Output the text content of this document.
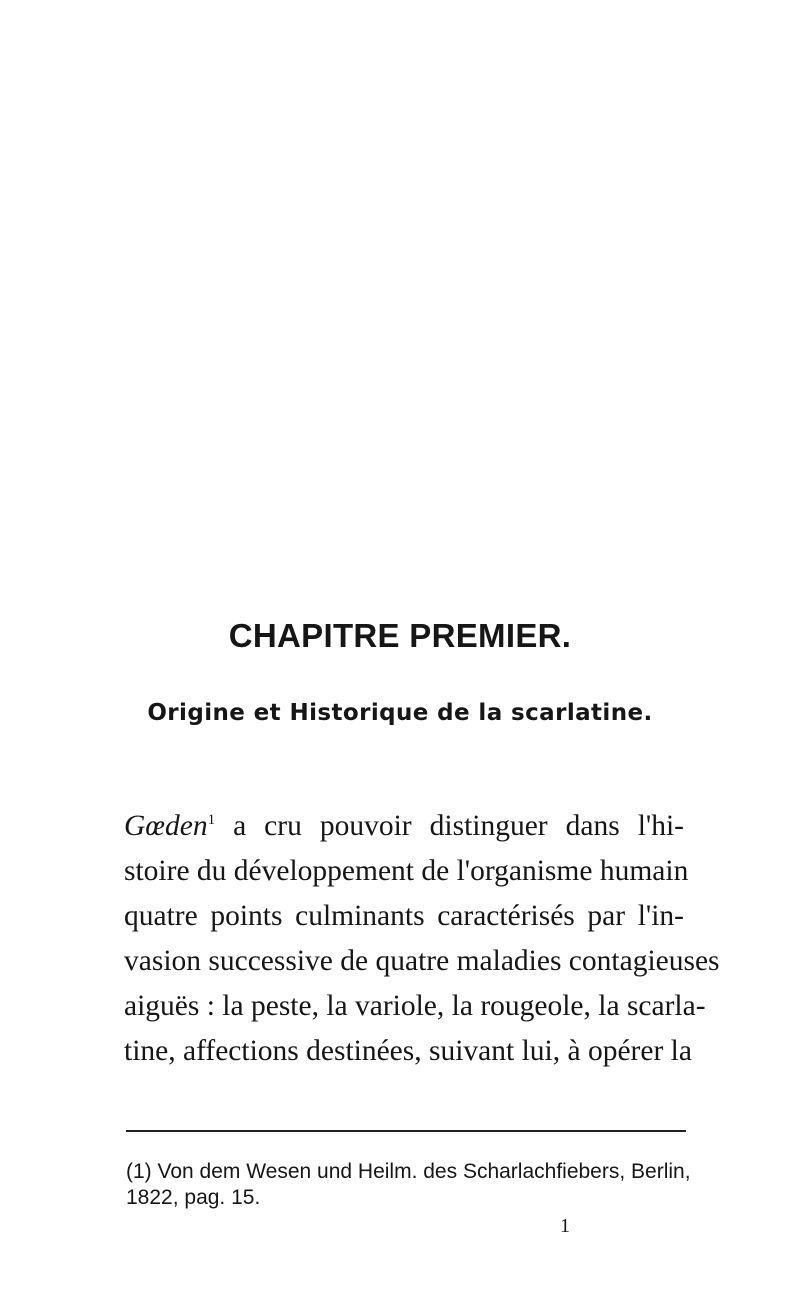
CHAPITRE PREMIER.
Origine et Historique de la scarlatine.

Gœden$^1$ a cru pouvoir distinguer dans l'hi-
stoire du développement de l'organisme humain
quatre points culminants caractérisés par l'in-
vasion successive de quatre maladies contagieuses
aiguës : la peste, la variole, la rougeole, la scarla-
tine, affections destinées, suivant lui, à opérer la

(1) Von dem Wesen und Heilm. des Scharlachfiebers, Berlin,
1822, pag. 15.

1
